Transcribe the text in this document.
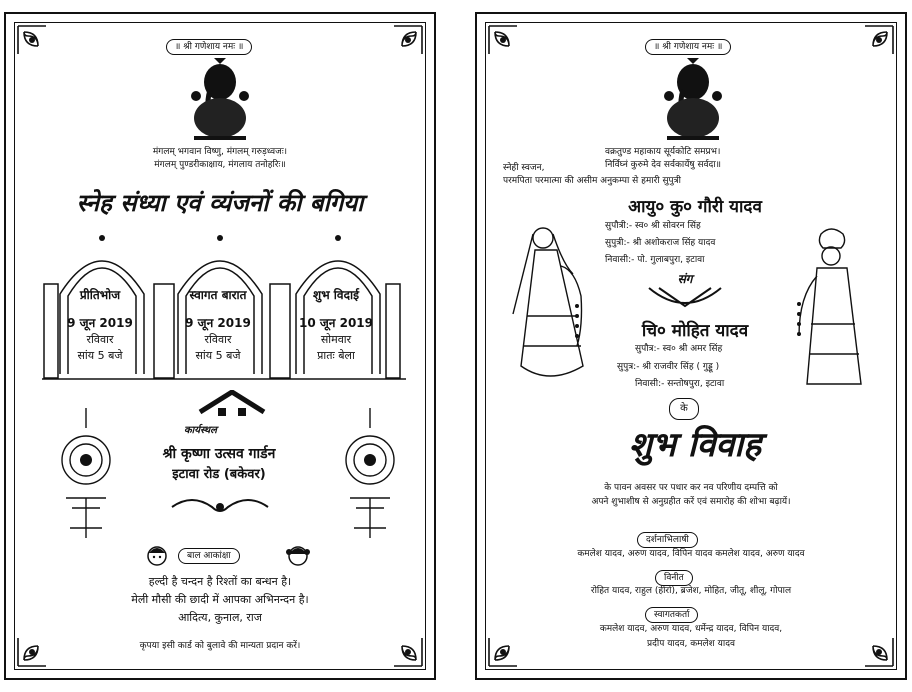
॥ श्री गणेशाय नमः ॥
मंगलम् भगवान विष्णु, मंगलम् गरुड़ध्वजः।
मंगलम् पुण्डरीकाक्षाय, मंगलाय तनोहरिः॥
स्नेह संध्या एवं व्यंजनों की बगिया
प्रीतिभोज	स्वागत बारात	शुभ विदाई
9 जून 2019	9 जून 2019	10 जून 2019
रविवार	रविवार	सोमवार
सांय 5 बजे	सांय 5 बजे	प्रातः बेला
कार्यस्थल
श्री कृष्णा उत्सव गार्डन
इटावा रोड (बकेवर)
बाल आकांक्षा
हल्दी है चन्दन है रिश्तों का बन्धन है।
मेली मौसी की छादी में आपका अभिनन्दन है।
आदित्य, कुनाल, राज
कृपया इसी कार्ड को बुलावे की मान्यता प्रदान करें।
॥ श्री गणेशाय नमः ॥
वक्रतुण्ड महाकाय सूर्यकोटि समप्रभ।
निर्विघ्नं कुरुमे देव सर्वकार्येषु सर्वदा॥
स्नेही स्वजन,
परमपिता परमात्मा की असीम अनुकम्पा से हमारी सुपुत्री
आयु० कु० गौरी यादव
सुपौत्री:- स्व० श्री सोवरन सिंह
सुपुत्री:- श्री अशोकराज सिंह यादव
निवासी:- पो. गुलाबपुरा, इटावा
संग
चि० मोहित यादव
सुपौत्र:- स्व० श्री अमर सिंह
सुपुत्र:- श्री राजवीर सिंह ( गुड्डू )
निवासी:- सन्तोषपुरा, इटावा
के
शुभ विवाह
के पावन अवसर पर पधार कर नव परिणीय दम्पत्ति को
अपने शुभाशीष से अनुग्रहीत करें एवं समारोह की शोभा बढ़ायें।
दर्शनाभिलाषी
कमलेश यादव, अरुण यादव, विपिन यादव कमलेश यादव, अरुण यादव
विनीत
रोहित यादव, राहुल (हीरो), ब्रजेश, मोहित, जीतू, शीलू, गोपाल
स्वागतकर्ता
कमलेश यादव, अरुण यादव, धर्मेन्द्र यादव, विपिन यादव,
प्रदीप यादव, कमलेश यादव
